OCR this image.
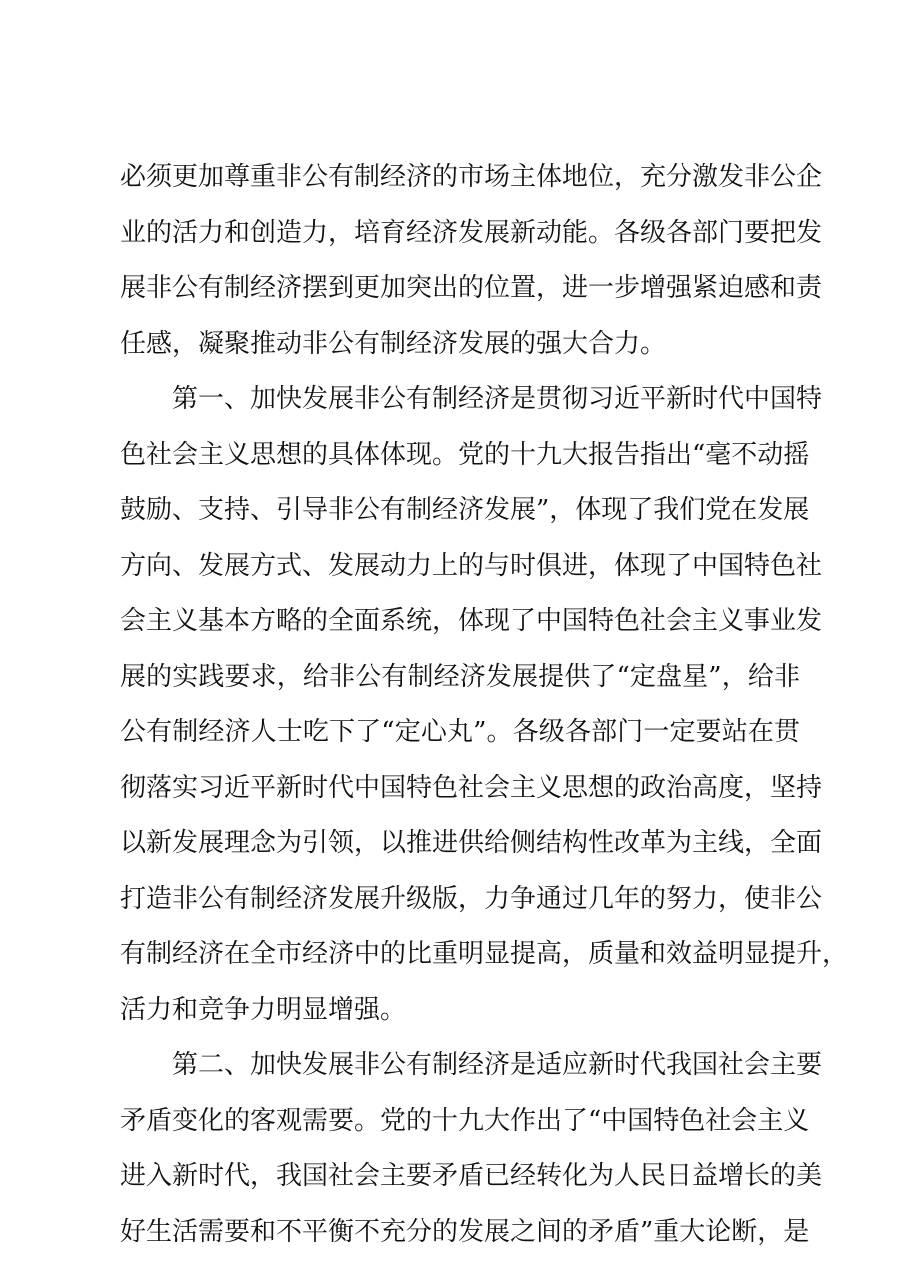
必须更加尊重非公有制经济的市场主体地位，充分激发非公企
业的活力和创造力，培育经济发展新动能。各级各部门要把发
展非公有制经济摆到更加突出的位置，进一步增强紧迫感和责
任感，凝聚推动非公有制经济发展的强大合力。
第一、加快发展非公有制经济是贯彻习近平新时代中国特
色社会主义思想的具体体现。党的十九大报告指出“毫不动摇
鼓励、支持、引导非公有制经济发展”，体现了我们党在发展
方向、发展方式、发展动力上的与时俱进，体现了中国特色社
会主义基本方略的全面系统，体现了中国特色社会主义事业发
展的实践要求，给非公有制经济发展提供了“定盘星”，给非
公有制经济人士吃下了“定心丸”。各级各部门一定要站在贯
彻落实习近平新时代中国特色社会主义思想的政治高度，坚持
以新发展理念为引领，以推进供给侧结构性改革为主线，全面
打造非公有制经济发展升级版，力争通过几年的努力，使非公
有制经济在全市经济中的比重明显提高，质量和效益明显提升，
活力和竞争力明显增强。
第二、加快发展非公有制经济是适应新时代我国社会主要
矛盾变化的客观需要。党的十九大作出了“中国特色社会主义
进入新时代，我国社会主要矛盾已经转化为人民日益增长的美
好生活需要和不平衡不充分的发展之间的矛盾”重大论断，是
